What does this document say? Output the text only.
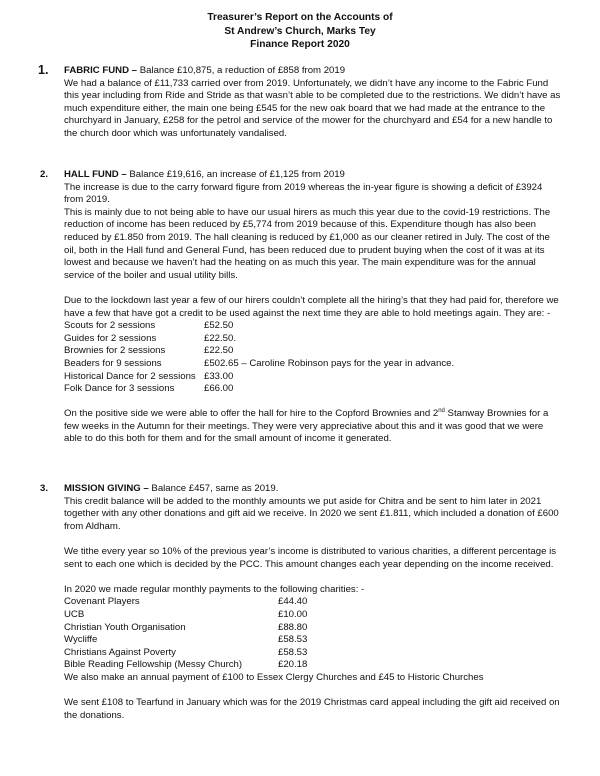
Treasurer’s Report on the Accounts of
St Andrew’s Church, Marks Tey
Finance Report 2020
1. FABRIC FUND – Balance £10,875, a reduction of £858 from 2019

We had a balance of £11,733 carried over from 2019. Unfortunately, we didn’t have any income to the Fabric Fund this year including from Ride and Stride as that wasn’t able to be completed due to the restrictions. We didn’t have as much expenditure either, the main one being £545 for the new oak board that we had made at the entrance to the churchyard in January, £258 for the petrol and service of the mower for the churchyard and £54 for a new handle to the church door which was unfortunately vandalised.

2. HALL FUND – Balance £19,616, an increase of £1,125 from 2019

The increase is due to the carry forward figure from 2019 whereas the in-year figure is showing a deficit of £3924 from 2019.

This is mainly due to not being able to have our usual hirers as much this year due to the covid-19 restrictions. The reduction of income has been reduced by £5,774 from 2019 because of this. Expenditure though has also been reduced by £1.850 from 2019. The hall cleaning is reduced by £1,000 as our cleaner retired in July. The cost of the oil, both in the Hall fund and General Fund, has been reduced due to prudent buying when the cost of it was at its lowest and because we haven’t had the heating on as much this year. The main expenditure was for the annual service of the boiler and usual utility bills.

Due to the lockdown last year a few of our hirers couldn’t complete all the hiring’s that they had paid for, therefore we have a few that have got a credit to be used against the next time they are able to hold meetings again. They are: -

Scouts for 2 sessions	£52.50
Guides for 2 sessions	£22.50.
Brownies for 2 sessions	£22.50
Beaders for 9 sessions	£502.65 – Caroline Robinson pays for the year in advance.
Historical Dance for 2 sessions £33.00
Folk Dance for 3 sessions	£66.00

On the positive side we were able to offer the hall for hire to the Copford Brownies and 2nd Stanway Brownies for a few weeks in the Autumn for their meetings. They were very appreciative about this and it was good that we were able to do this both for them and for the small amount of income it generated.

3. MISSION GIVING – Balance £457, same as 2019.

This credit balance will be added to the monthly amounts we put aside for Chitra and be sent to him later in 2021 together with any other donations and gift aid we receive. In 2020 we sent £1.811, which included a donation of £600 from Aldham.

We tithe every year so 10% of the previous year’s income is distributed to various charities, a different percentage is sent to each one which is decided by the PCC. This amount changes each year depending on the income received.

In 2020 we made regular monthly payments to the following charities: -

Covenant Players	£44.40
UCB	£10.00
Christian Youth Organisation	£88.80
Wycliffe	£58.53
Christians Against Poverty	£58.53
Bible Reading Fellowship (Messy Church)	£20.18

We also make an annual payment of £100 to Essex Clergy Churches and £45 to Historic Churches

We sent £108 to Tearfund in January which was for the 2019 Christmas card appeal including the gift aid received on the donations.
